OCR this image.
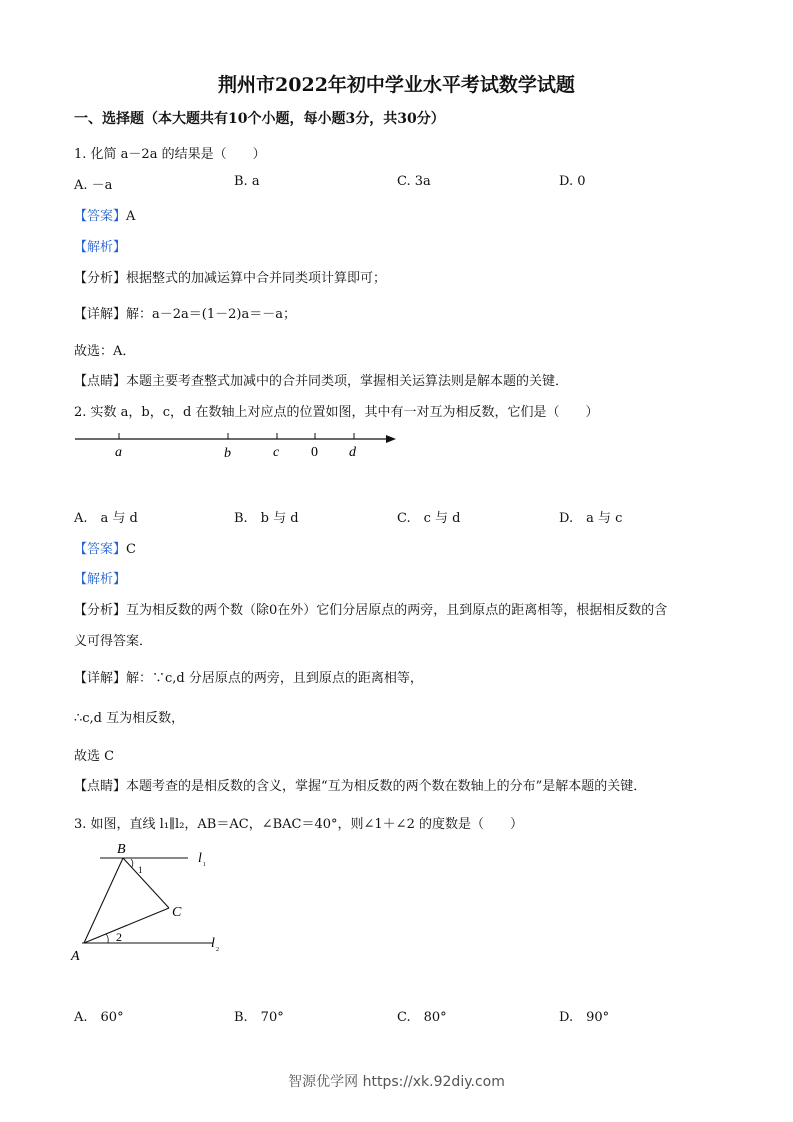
荆州市2022年初中学业水平考试数学试题
一、选择题（本大题共有10个小题，每小题3分，共30分）
1. 化简 a－2a 的结果是（　　）
A. －a	B. a	C. 3a	D. 0
【答案】A
【解析】
【分析】根据整式的加减运算中合并同类项计算即可；
【详解】解：a－2a＝(1－2)a＝－a；
故选：A．
【点睛】本题主要考查整式加减中的合并同类项，掌握相关运算法则是解本题的关键．
2. 实数 a，b，c，d 在数轴上对应点的位置如图，其中有一对互为相反数，它们是（　　）
a	b	c 0 d
A.　a 与 d	B.　b 与 d	C.　c 与 d	D.　a 与 c
【答案】C
【解析】
【分析】互为相反数的两个数（除0在外）它们分居原点的两旁，且到原点的距离相等，根据相反数的含
义可得答案．
【详解】解：∵c,d 分居原点的两旁，且到原点的距离相等，
∴c,d 互为相反数，
故选 C
【点睛】本题考查的是相反数的含义，掌握“互为相反数的两个数在数轴上的分布”是解本题的关键．
3. 如图，直线 l₁∥l₂，AB＝AC，∠BAC＝40°，则∠1＋∠2 的度数是（　　）
B
C
A
1
2
l 1
l 2
A.　60°	B.　70°	C.　80°	D.　90°
智源优学网 https://xk.92diy.com
